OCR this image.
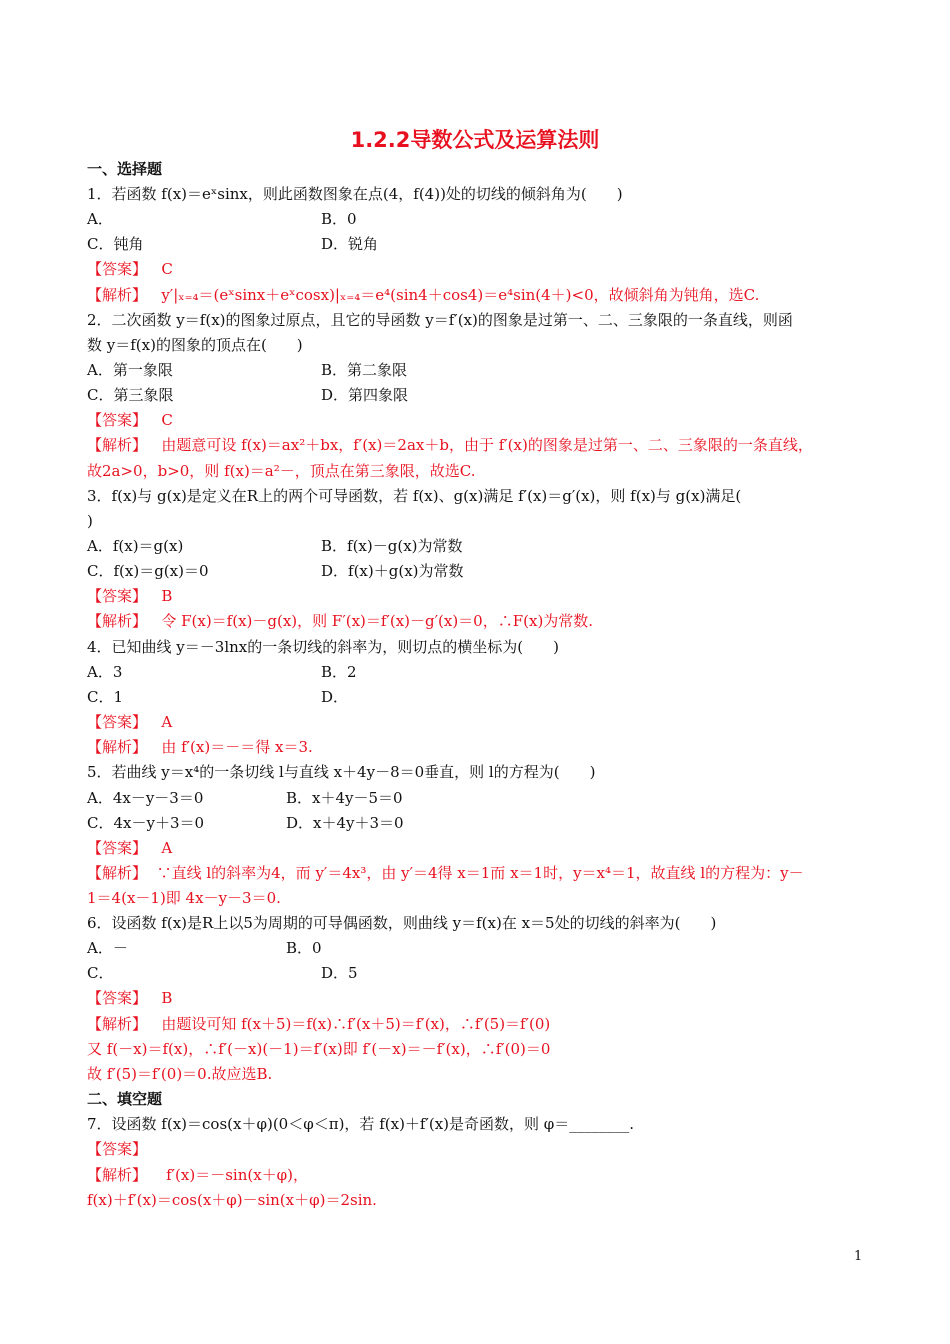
1.2.2导数公式及运算法则
一、选择题
1．若函数 f(x)＝eˣsinx，则此函数图象在点(4，f(4))处的切线的倾斜角为(　　)
A．	B．0
C．钝角	D．锐角
【答案】 C
【解析】 y′|ₓ₌₄＝(eˣsinx＋eˣcosx)|ₓ₌₄＝e⁴(sin4＋cos4)＝e⁴sin(4＋)<0，故倾斜角为钝角，选C.
2．二次函数 y＝f(x)的图象过原点，且它的导函数 y＝f′(x)的图象是过第一、二、三象限的一条直线，则函
数 y＝f(x)的图象的顶点在(　　)
A．第一象限	B．第二象限
C．第三象限	D．第四象限
【答案】 C
【解析】 由题意可设 f(x)＝ax²＋bx，f′(x)＝2ax＋b，由于 f′(x)的图象是过第一、二、三象限的一条直线，
故2a>0，b>0，则 f(x)＝a²－，顶点在第三象限，故选C.
3．f(x)与 g(x)是定义在R上的两个可导函数，若 f(x)、g(x)满足 f′(x)＝g′(x)，则 f(x)与 g(x)满足(
)
A．f(x)＝g(x)	B．f(x)－g(x)为常数
C．f(x)＝g(x)＝0	D．f(x)＋g(x)为常数
【答案】 B
【解析】 令 F(x)＝f(x)－g(x)，则 F′(x)＝f′(x)－g′(x)＝0，∴F(x)为常数.
4．已知曲线 y＝－3lnx的一条切线的斜率为，则切点的横坐标为(　　)
A．3	B．2
C．1	D．
【答案】 A
【解析】 由 f′(x)＝－＝得 x＝3.
5．若曲线 y＝x⁴的一条切线 l与直线 x＋4y－8＝0垂直，则 l的方程为(　　)
A．4x－y－3＝0	B．x＋4y－5＝0
C．4x－y＋3＝0	D．x＋4y＋3＝0
【答案】 A
【解析】 ∵直线 l的斜率为4，而 y′＝4x³，由 y′＝4得 x＝1而 x＝1时，y＝x⁴＝1，故直线 l的方程为：y－
1＝4(x－1)即 4x－y－3＝0.
6．设函数 f(x)是R上以5为周期的可导偶函数，则曲线 y＝f(x)在 x＝5处的切线的斜率为(　　)
A．－	B．0
C．	D．5
【答案】 B
【解析】 由题设可知 f(x＋5)＝f(x)∴f′(x＋5)＝f′(x)，∴f′(5)＝f′(0)
又 f(－x)＝f(x)，∴f′(－x)(－1)＝f′(x)即 f′(－x)＝－f′(x)，∴f′(0)＝0
故 f′(5)＝f′(0)＝0.故应选B.
二、填空题
7．设函数 f(x)＝cos(x＋φ)(0＜φ＜π)，若 f(x)＋f′(x)是奇函数，则 φ＝________.
【答案】
【解析】 f′(x)＝－sin(x＋φ)，
f(x)＋f′(x)＝cos(x＋φ)－sin(x＋φ)＝2sin.
1
